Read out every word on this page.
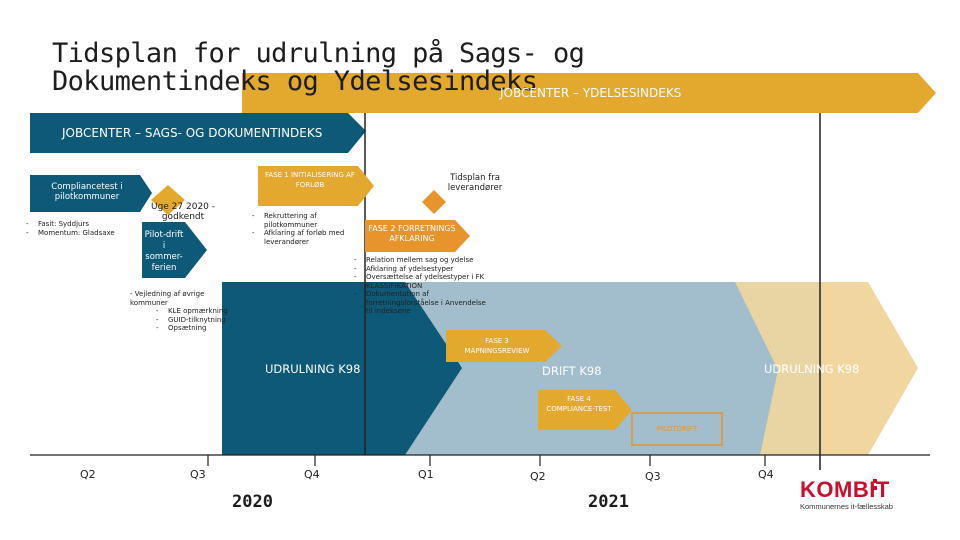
Tidsplan for udrulning på Sags- og Dokumentindeks og Ydelsesindeks
JOBCENTER – YDELSESINDEKS
JOBCENTER – SAGS- OG DOKUMENTINDEKS
Compliancetest i pilotkommuner
- Fasit: Syddjurs
- Momentum: Gladsaxe
Uge 27 2020 - godkendt
Pilot-drift i sommer-ferien
- Vejledning af øvrige kommuner
- KLE opmærkning
- GUID-tilknytning
- Opsætning
FASE 1 INITIALISERING AF FORLØB
- Rekruttering af pilotkommuner
- Afklaring af forløb med leverandører
Tidsplan fra leverandører
FASE 2 FORRETNINGS AFKLARING
- Relation mellem sag og ydelse
- Afklaring af ydelsestyper
- Oversættelse af ydelsestyper i FK KLASSIFIKATION
- Dokumentation af forretningsforståelse i Anvendelse til indeksene
FASE 3 MAPNINGSREVIEW
UDRULNING K98	DRIFT K98	UDRULNING K98
FASE 4 COMPLIANCE-TEST
PILOTDRIFT
Q2	Q3	Q4	Q1	Q2	Q3	Q4
2020	2021	KOMBIT
Kommunernes it-fællesskab
